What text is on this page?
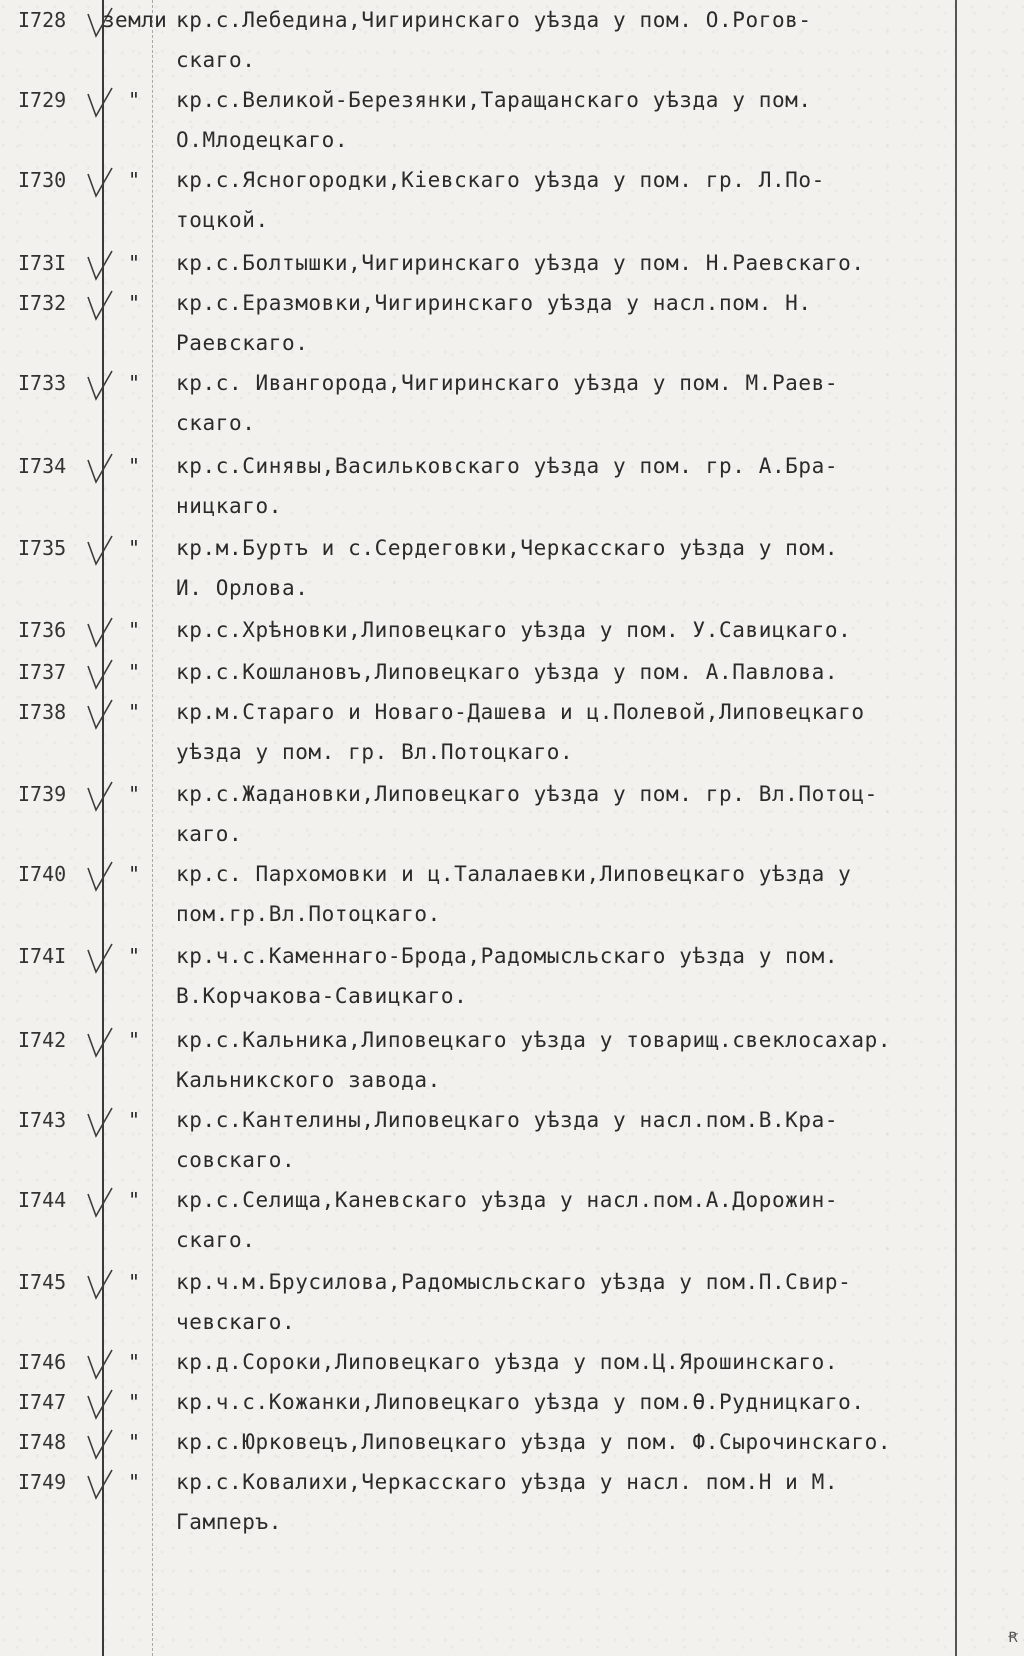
I728	земли кр.с.Лебедина,Чигиринскаго уѣзда у пом. О.Рогов-
скаго.
I729	" кр.с.Великой-Березянки,Таращанскаго уѣзда у пом.
О.Млодецкаго.
I730	" кр.с.Ясногородки,Кіевскаго уѣзда у пом. гр. Л.По-
тоцкой.
I73I	" кр.с.Болтышки,Чигиринскаго уѣзда у пом. Н.Раевскаго.
I732	" кр.с.Еразмовки,Чигиринскаго уѣзда у насл.пом. Н.
Раевскаго.
I733	" кр.с. Ивангорода,Чигиринскаго уѣзда у пом. М.Раев-
скаго.
I734	" кр.с.Синявы,Васильковскаго уѣзда у пом. гр. А.Бра-
ницкаго.
I735	" кр.м.Буртъ и с.Сердеговки,Черкасскаго уѣзда у пом.
И. Орлова.
I736	" кр.с.Хрѣновки,Липовецкаго уѣзда у пом. У.Савицкаго.
I737	" кр.с.Кошлановъ,Липовецкаго уѣзда у пом. А.Павлова.
I738	" кр.м.Стараго и Новаго-Дашева и ц.Полевой,Липовецкаго
уѣзда у пом. гр. Вл.Потоцкаго.
I739	" кр.с.Жадановки,Липовецкаго уѣзда у пом. гр. Вл.Потоц-
каго.
I740	" кр.с. Пархомовки и ц.Талалаевки,Липовецкаго уѣзда у
пом.гр.Вл.Потоцкаго.
I74I	" кр.ч.с.Каменнаго-Брода,Радомысльскаго уѣзда у пом.
В.Корчакова-Савицкаго.
I742	" кр.с.Кальника,Липовецкаго уѣзда у товарищ.свеклосахар.
Кальникского завода.
I743	" кр.с.Кантелины,Липовецкаго уѣзда у насл.пом.В.Кра-
совскаго.
I744	" кр.с.Селища,Каневскаго уѣзда у насл.пом.А.Дорожин-
скаго.
I745	" кр.ч.м.Брусилова,Радомысльскаго уѣзда у пом.П.Свир-
чевскаго.
I746	" кр.д.Сороки,Липовецкаго уѣзда у пом.Ц.Ярошинскаго.
I747	" кр.ч.с.Кожанки,Липовецкаго уѣзда у пом.Ѳ.Рудницкаго.
I748	" кр.с.Юрковецъ,Липовецкаго уѣзда у пом. Ф.Сырочинскаго.
I749	" кр.с.Ковалихи,Черкасскаго уѣзда у насл. пом.Н и М.
Гамперъ.
Ꞧ
